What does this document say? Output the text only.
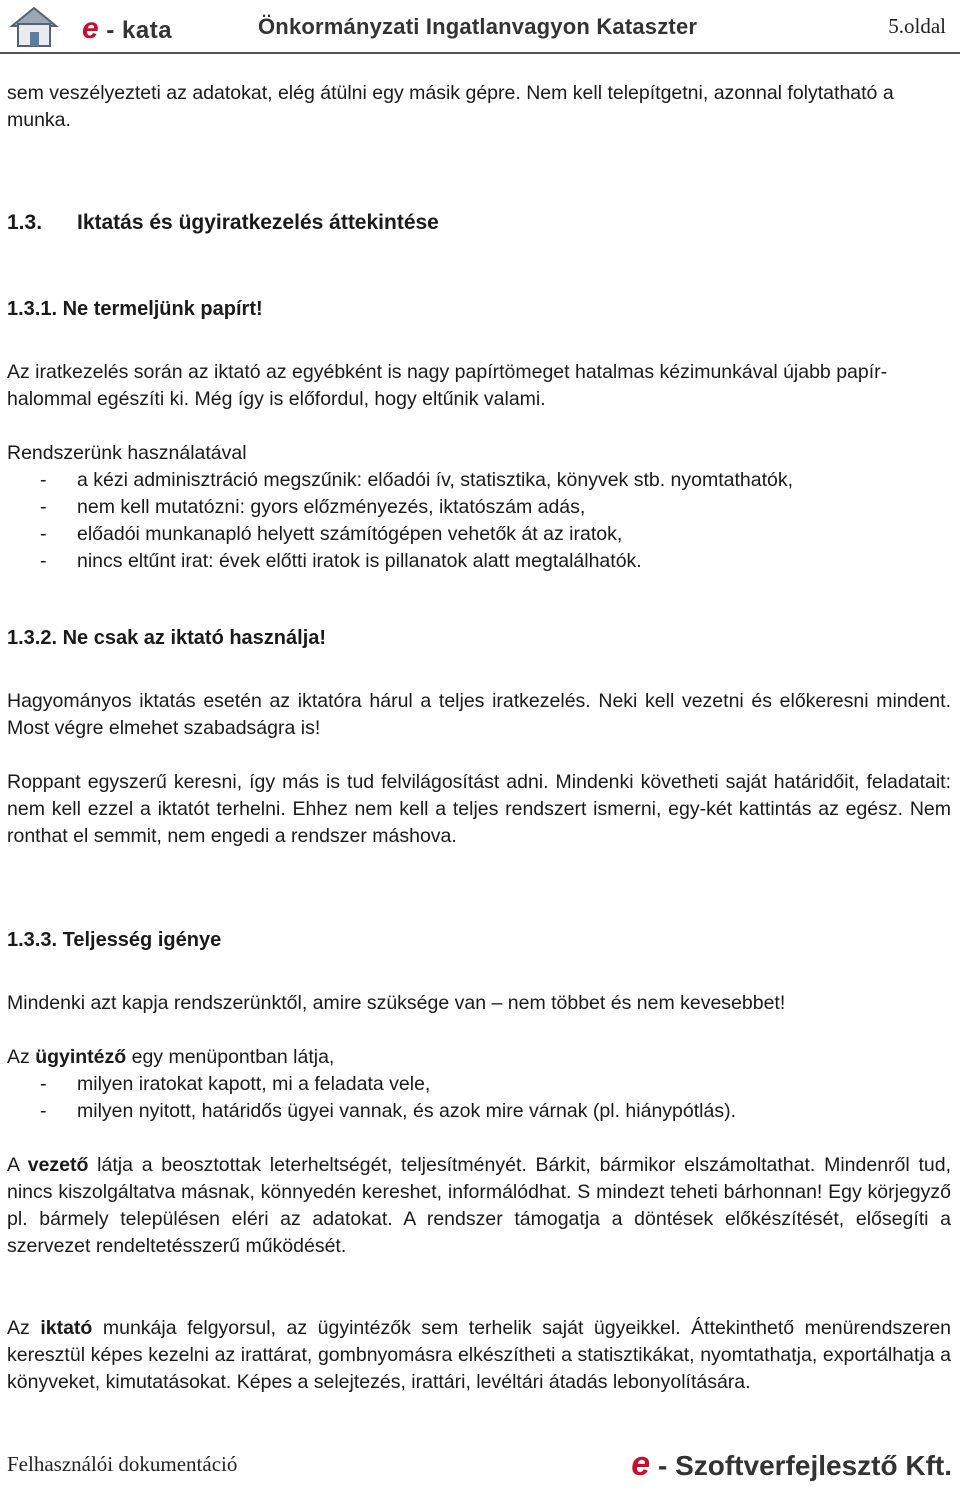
e - kata	Önkormányzati Ingatlanvagyon Kataszter	5.oldal

sem veszélyezteti az adatokat, elég átülni egy másik gépre. Nem kell telepítgetni, azonnal folytatható a munka.

1.3. Iktatás és ügyiratkezelés áttekintése
1.3.1. Ne termeljünk papírt!

Az iratkezelés során az iktató az egyébként is nagy papírtömeget hatalmas kézimunkával újabb papír-halommal egészíti ki. Még így is előfordul, hogy eltűnik valami.

Rendszerünk használatával

- a kézi adminisztráció megszűnik: előadói ív, statisztika, könyvek stb. nyomtathatók,
- nem kell mutatózni: gyors előzményezés, iktatószám adás,
- előadói munkanapló helyett számítógépen vehetők át az iratok,
- nincs eltűnt irat: évek előtti iratok is pillanatok alatt megtalálhatók.
1.3.2. Ne csak az iktató használja!

Hagyományos iktatás esetén az iktatóra hárul a teljes iratkezelés. Neki kell vezetni és előkeresni mindent. Most végre elmehet szabadságra is!

Roppant egyszerű keresni, így más is tud felvilágosítást adni. Mindenki követheti saját határidőit, feladatait: nem kell ezzel a iktatót terhelni. Ehhez nem kell a teljes rendszert ismerni, egy-két kattintás az egész. Nem ronthat el semmit, nem engedi a rendszer máshova.

1.3.3. Teljesség igénye

Mindenki azt kapja rendszerünktől, amire szüksége van – nem többet és nem kevesebbet!

Az ügyintéző egy menüpontban látja,

- milyen iratokat kapott, mi a feladata vele,
- milyen nyitott, határidős ügyei vannak, és azok mire várnak (pl. hiánypótlás).

A vezető látja a beosztottak leterheltségét, teljesítményét. Bárkit, bármikor elszámoltathat. Mindenről tud, nincs kiszolgáltatva másnak, könnyedén kereshet, informálódhat. S mindezt teheti bárhonnan! Egy körjegyző pl. bármely településen eléri az adatokat. A rendszer támogatja a döntések előkészítését, elősegíti a szervezet rendeltetésszerű működését.

Az iktató munkája felgyorsul, az ügyintézők sem terhelik saját ügyeikkel. Áttekinthető menürendszeren keresztül képes kezelni az irattárat, gombnyomásra elkészítheti a statisztikákat, nyomtathatja, exportálhatja a könyveket, kimutatásokat. Képes a selejtezés, irattári, levéltári átadás lebonyolítására.

Felhasználói dokumentáció	e - Szoftverfejlesztő Kft.
